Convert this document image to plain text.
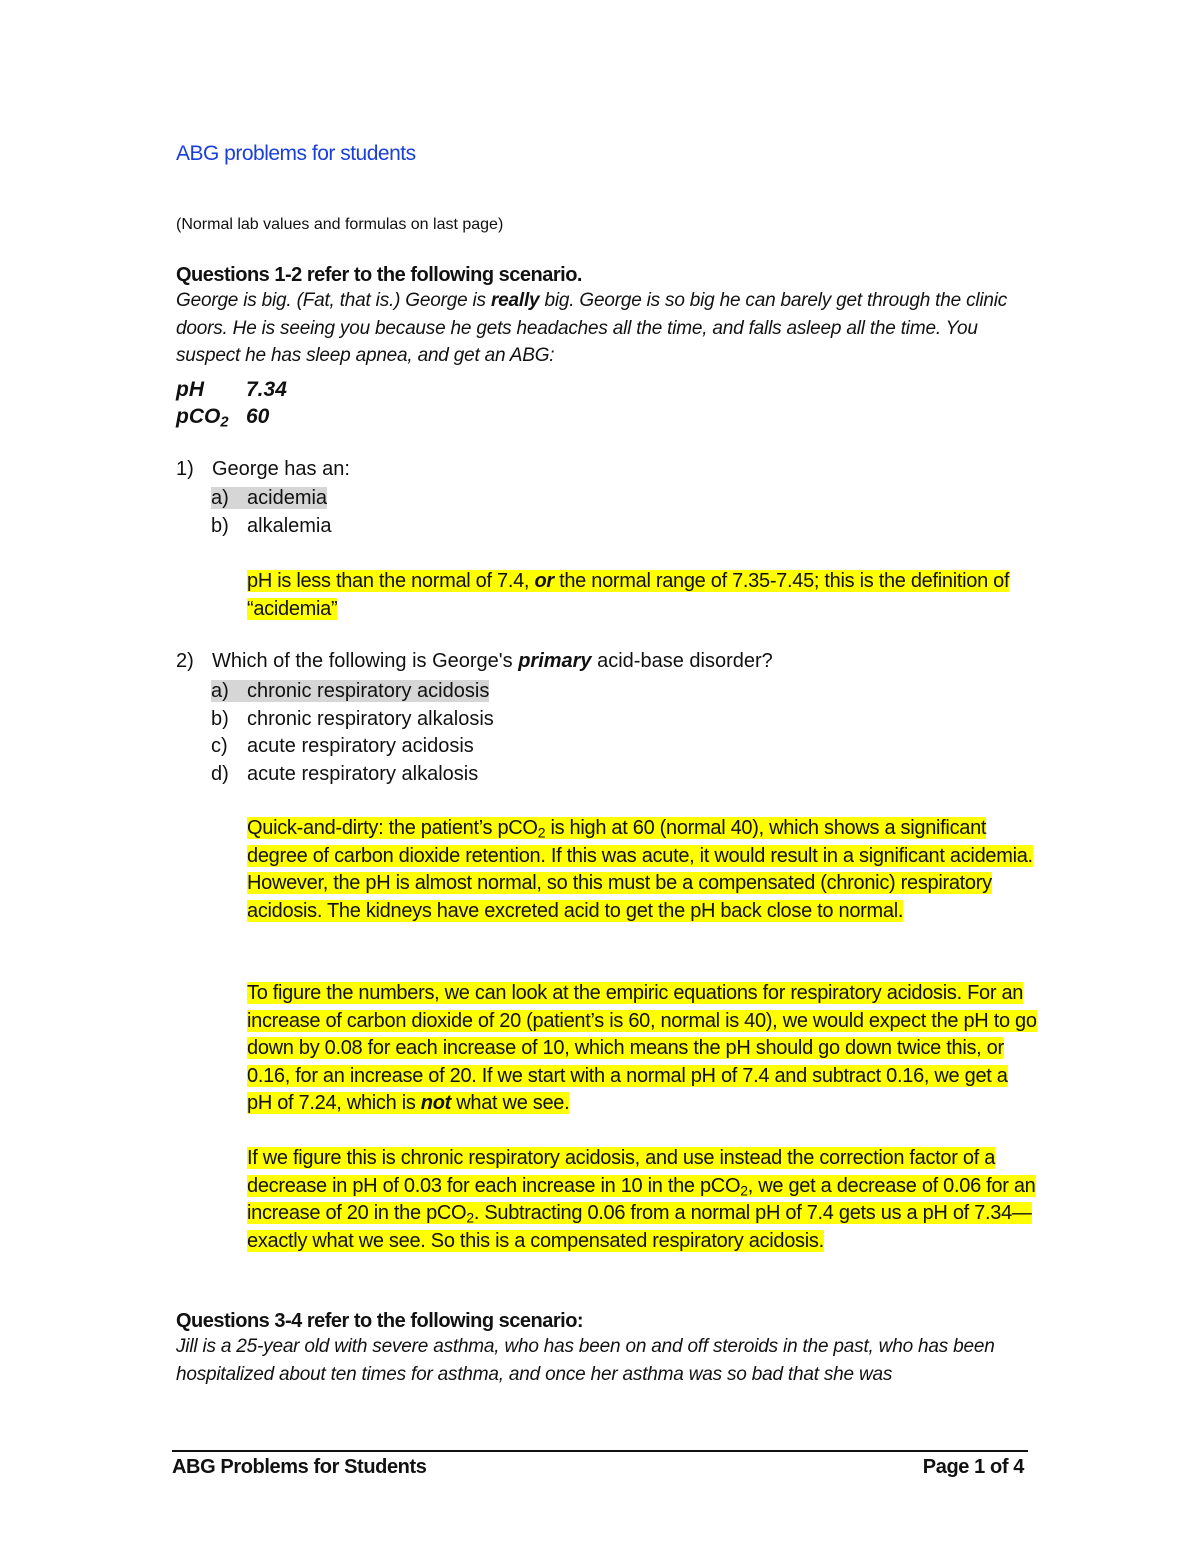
ABG problems for students
(Normal lab values and formulas on last page)
Questions 1-2 refer to the following scenario.
George is big. (Fat, that is.) George is really big. George is so big he can barely get through the clinic doors. He is seeing you because he gets headaches all the time, and falls asleep all the time. You suspect he has sleep apnea, and get an ABG:
pH 7.34
pCO$_2$ 60
1) George has an:
a) acidemia
b) alkalemia
pH is less than the normal of 7.4, or the normal range of 7.35-7.45; this is the definition of “acidemia”
2) Which of the following is George's primary acid-base disorder?
a) chronic respiratory acidosis
b) chronic respiratory alkalosis
c) acute respiratory acidosis
d) acute respiratory alkalosis
Quick-and-dirty: the patient’s pCO$_2$ is high at 60 (normal 40), which shows a significant degree of carbon dioxide retention. If this was acute, it would result in a significant acidemia. However, the pH is almost normal, so this must be a compensated (chronic) respiratory acidosis. The kidneys have excreted acid to get the pH back close to normal.
To figure the numbers, we can look at the empiric equations for respiratory acidosis. For an increase of carbon dioxide of 20 (patient’s is 60, normal is 40), we would expect the pH to go down by 0.08 for each increase of 10, which means the pH should go down twice this, or 0.16, for an increase of 20. If we start with a normal pH of 7.4 and subtract 0.16, we get a pH of 7.24, which is not what we see.
If we figure this is chronic respiratory acidosis, and use instead the correction factor of a decrease in pH of 0.03 for each increase in 10 in the pCO$_2$, we get a decrease of 0.06 for an increase of 20 in the pCO$_2$. Subtracting 0.06 from a normal pH of 7.4 gets us a pH of 7.34—exactly what we see. So this is a compensated respiratory acidosis.
Questions 3-4 refer to the following scenario:
Jill is a 25-year old with severe asthma, who has been on and off steroids in the past, who has been hospitalized about ten times for asthma, and once her asthma was so bad that she was
ABG Problems for Students	Page 1 of 4
